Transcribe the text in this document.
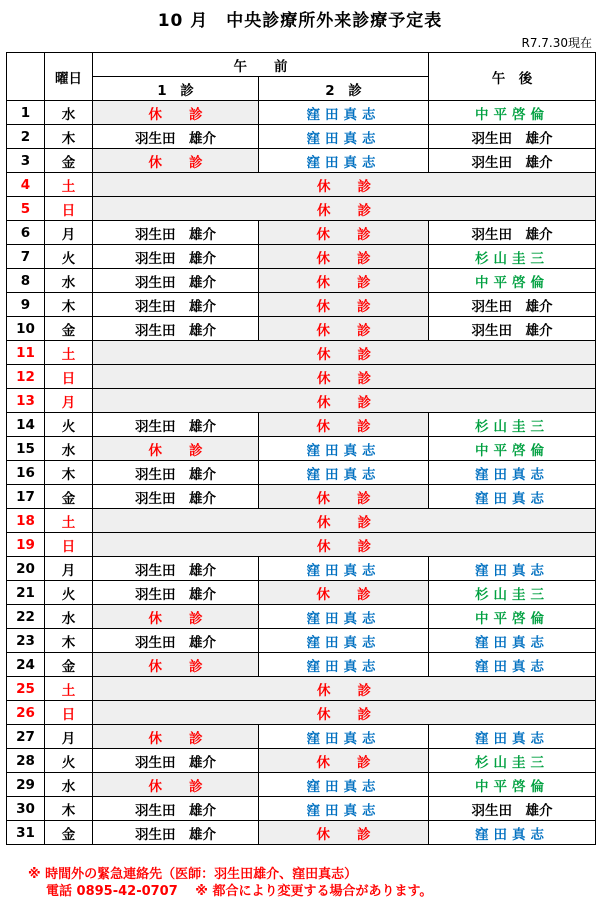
10 月　中央診療所外来診療予定表
R7.7.30現在
	曜日	午　　前		午　後
		1　診	2　診	
1	水	休　　診	窪田真志	中平啓倫
2	木	羽生田　雄介	窪田真志	羽生田　雄介
3	金	休　　診	窪田真志	羽生田　雄介
4	土	休　　診		
5	日	休　　診		
6	月	羽生田　雄介	休　　診	羽生田　雄介
7	火	羽生田　雄介	休　　診	杉山圭三
8	水	羽生田　雄介	休　　診	中平啓倫
9	木	羽生田　雄介	休　　診	羽生田　雄介
10	金	羽生田　雄介	休　　診	羽生田　雄介
11	土	休　　診		
12	日	休　　診		
13	月	休　　診		
14	火	羽生田　雄介	休　　診	杉山圭三
15	水	休　　診	窪田真志	中平啓倫
16	木	羽生田　雄介	窪田真志	窪田真志
17	金	羽生田　雄介	休　　診	窪田真志
18	土	休　　診		
19	日	休　　診		
20	月	羽生田　雄介	窪田真志	窪田真志
21	火	羽生田　雄介	休　　診	杉山圭三
22	水	休　　診	窪田真志	中平啓倫
23	木	羽生田　雄介	窪田真志	窪田真志
24	金	休　　診	窪田真志	窪田真志
25	土	休　　診		
26	日	休　　診		
27	月	休　　診	窪田真志	窪田真志
28	火	羽生田　雄介	休　　診	杉山圭三
29	水	休　　診	窪田真志	中平啓倫
30	木	羽生田　雄介	窪田真志	羽生田　雄介
31	金	羽生田　雄介	休　　診	窪田真志
※ 時間外の緊急連絡先（医師：羽生田雄介、窪田真志）
電話 0895-42-0707　 ※ 都合により変更する場合があります。
